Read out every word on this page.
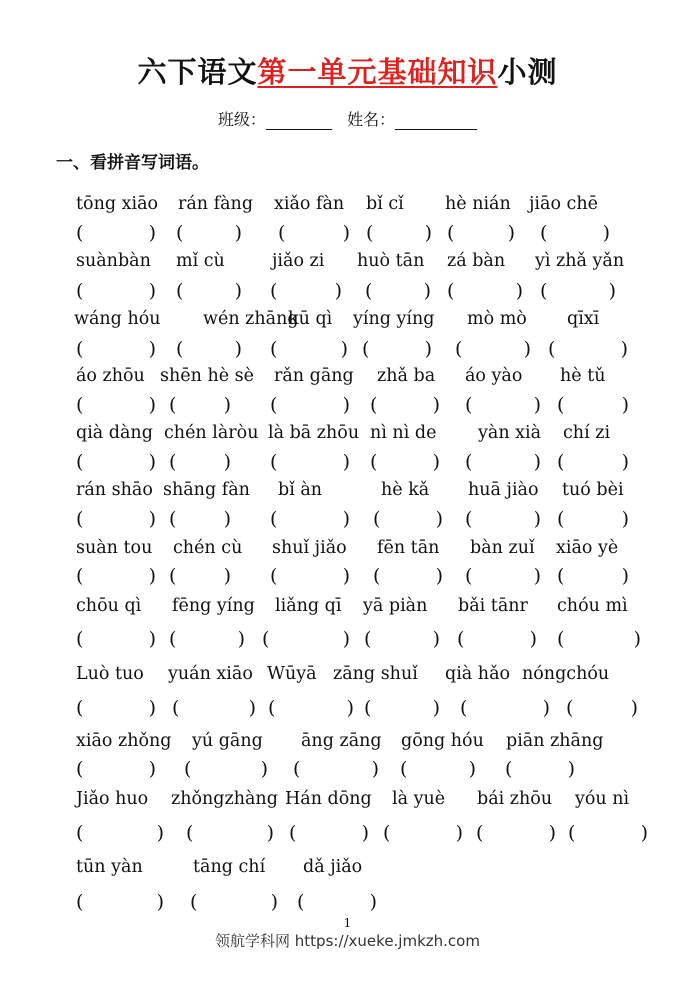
六下语文第一单元基础知识小测
班级：	姓名：
一、看拼音写词语。
tōng xiāo
(	)
rán fàng
(	)
xiǎo fàn
(	)
bǐ cǐ
(	)
hè nián
(	)
jiāo chē
(	)
suànbàn
(	)
mǐ cù
(	)
jiǎo zi
(	)
huò tān
(	)
zá bàn
(	)
yì zhǎ yǎn
(	)
wáng hóu
(	)
wén zhāng
(	)
kū qì
(	)
yíng yíng
(	)
mò mò
(	)
qīxī
(	)
áo zhōu
(	)
shēn hè sè
( )
rǎn gāng
(	)
zhǎ ba
(	)
áo yào
(	)
hè tǔ
(	)
qià dàng
(	)
chén làròu
( )
là bā zhōu
(	)
nì nì de
(	)
yàn xià
(	)
chí zi
(	)
rán shāo
(	)
shāng fàn
( )
bǐ àn
(	)
hè kǎ
(	)
huā jiào
(	)
tuó bèi
(	)
suàn tou
(	)
chén cù
( )
shuǐ jiǎo
(	)
fēn tān
(	)
bàn zuǐ
(	)
xiāo yè
(	)
chōu qì
(	)
fēng yíng
(	)
liǎng qī
(	)
yā piàn
(	)
bǎi tānr
(	)
chóu mì
(	)
Luò tuo
(	)
yuán xiāo
(	)
Wūyā
(	)
zāng shuǐ
(	)
qià hǎo
(	)
nóngchóu
(	)
xiāo zhǒng
(	)
yú gāng
(	)
āng zāng
(	)
gōng hóu
(	)
piān zhāng
(	)
Jiǎo huo
(	)
zhǒngzhàng
(	)
Hán dōng
(	)
là yuè
(	)
bái zhōu
(	)
yóu nì
(	)
tūn yàn
(	)
tāng chí
(	)
dǎ jiǎo
(	)
1
领航学科网 https://xueke.jmkzh.com
